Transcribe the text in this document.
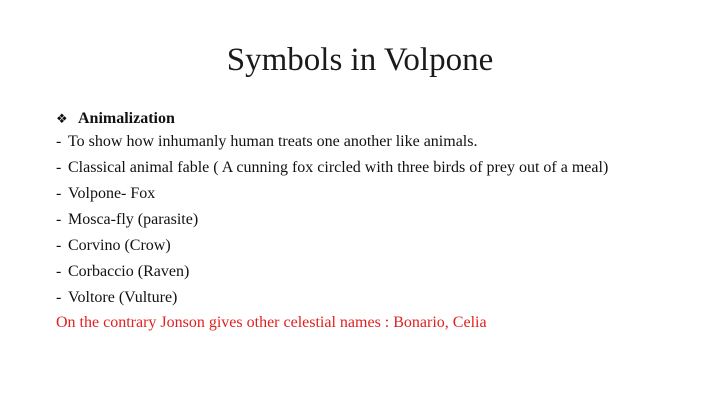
Symbols in Volpone
❖ Animalization
- To show how inhumanly human treats one another like animals.
- Classical animal fable ( A cunning fox circled with three birds of prey out of a meal)
- Volpone- Fox
- Mosca-fly (parasite)
- Corvino (Crow)
- Corbaccio (Raven)
- Voltore (Vulture)
On the contrary Jonson gives other celestial names : Bonario, Celia
